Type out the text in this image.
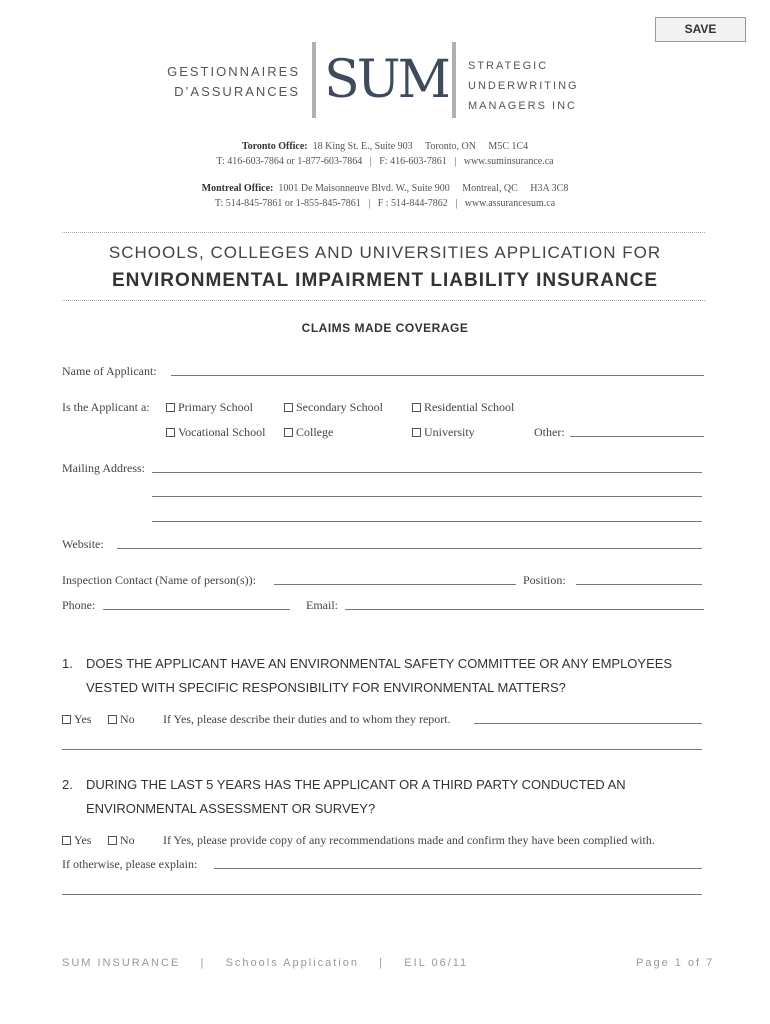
SAVE
GESTIONNAIRES
D’ASSURANCES SUM STRATEGIC
UNDERWRITING
MANAGERS INC
Toronto Office: 18 King St. E., Suite 903     Toronto, ON     M5C 1C4
T: 416-603-7864 or 1-877-603-7864   |   F: 416-603-7861   |   www.suminsurance.ca
Montreal Office: 1001 De Maisonneuve Blvd. W., Suite 900     Montreal, QC     H3A 3C8
T: 514-845-7861 or 1-855-845-7861   |   F : 514-844-7862   |   www.assurancesum.ca
SCHOOLS, COLLEGES AND UNIVERSITIES APPLICATION FOR
ENVIRONMENTAL IMPAIRMENT LIABILITY INSURANCE
CLAIMS MADE COVERAGE
Name of Applicant:
Is the Applicant a:	Primary School	Secondary School	Residential School
Vocational School	College	University	Other:
Mailing Address:
Website:
Inspection Contact (Name of person(s)):	Position:
Phone:	Email:
1. DOES THE APPLICANT HAVE AN ENVIRONMENTAL SAFETY COMMITTEE OR ANY EMPLOYEES
VESTED WITH SPECIFIC RESPONSIBILITY FOR ENVIRONMENTAL MATTERS?
Yes	No If Yes, please describe their duties and to whom they report.
2. DURING THE LAST 5 YEARS HAS THE APPLICANT OR A THIRD PARTY CONDUCTED AN
ENVIRONMENTAL ASSESSMENT OR SURVEY?
Yes	No If Yes, please provide copy of any recommendations made and confirm they have been complied with.
If otherwise, please explain:
SUM INSURANCE    |    Schools Application    |    EIL 06/11	Page 1 of 7
